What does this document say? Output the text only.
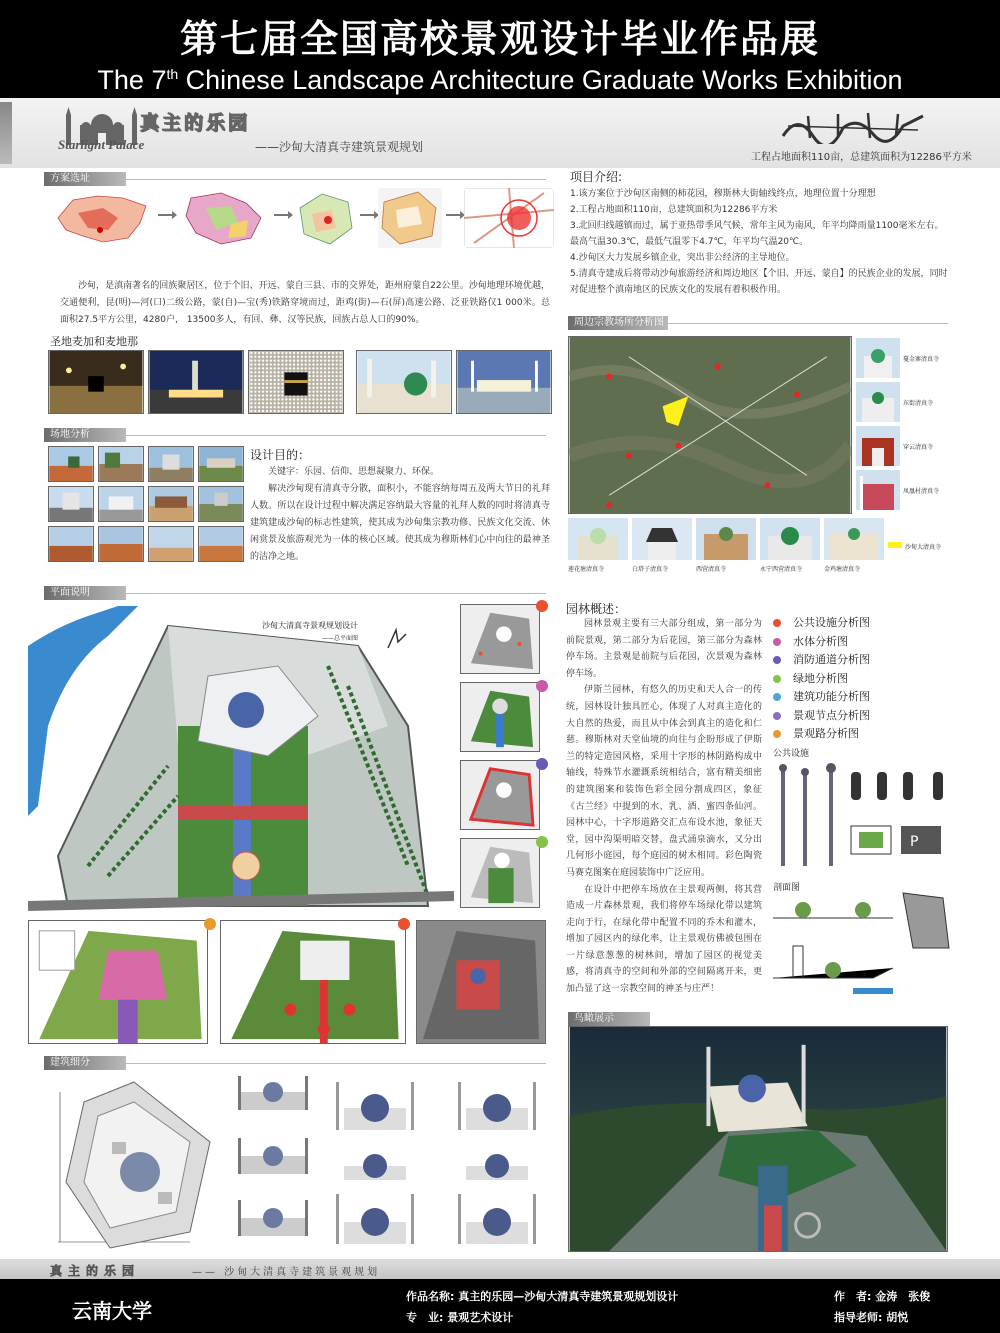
第七届全国高校景观设计毕业作品展
The 7th Chinese Landscape Architecture Graduate Works Exhibition
Starlight Palace
真主的乐园
——沙甸大清真寺建筑景观规划
工程占地面积110亩，总建筑面积为12286平方米
方案选址

沙甸，是滇南著名的回族聚居区，位于个旧、开远、蒙自三县、市的交界处，距州府蒙自22公里。沙甸地理环境优越，交通便利，昆(明)—河(口)二级公路，蒙(自)—宝(秀)铁路穿境而过，距鸡(街)—石(屏)高速公路、泛亚铁路仅1 000米。总面积27.5平方公里，4280户， 13500多人，有回、彝、汉等民族，回族占总人口的90%。

项目介绍:
1.该方案位于沙甸区南侧的柿花园，穆斯林大街轴线终点，地理位置十分理想
2.工程占地面积110亩，总建筑面积为12286平方米
3.北回归线越镇而过，属于亚热带季风气候，常年主风为南风，年平均降雨量1100毫米左右。最高气温30.3℃，最低气温零下4.7℃，年平均气温20℃。
4.沙甸区大力发展乡镇企业，突出非公经济的主导地位。
5.清真寺建成后将带动沙甸旅游经济和周边地区【个旧、开远、蒙自】的民族企业的发展，同时对促进整个滇南地区的民族文化的发展有着积极作用。
圣地麦加和麦地那
场地分析
设计目的：

关键字：乐园、信仰、思想凝聚力、环保。

解决沙甸现有清真寺分散，面积小，不能容纳每周五及两大节日的礼拜人数。所以在设计过程中解决满足容纳最大容量的礼拜人数的同时将清真寺建筑建成沙甸的标志性建筑，使其成为沙甸集宗教功修、民族文化交流、休闲赏景及旅游观光为一体的核心区域。使其成为穆斯林们心中向往的最神圣的洁净之地。

周边宗教场所分析图
蔓金寨清真寺
东街清真寺
穿云清真寺
凤凰村清真寺
莲花塘清真寺	白塔子清真寺	西营清真寺	永宁西营清真寺	金鸡塘清真寺
沙甸大清真寺
平面说明
沙甸大清真寺景观规划设计
——总平面图
园林概述：

园林景观主要有三大部分组成，第一部分为前院景观，第二部分为后花园，第三部分为森林停车场。主景观是前院与后花园，次景观为森林停车场。

伊斯兰园林，有悠久的历史和天人合一的传统，园林设计独具匠心，体现了人对真主造化的大自然的热爱，而且从中体会到真主的造化和仁慈。穆斯林对天堂仙境的向往与企盼形成了伊斯兰的特定造园风格，采用十字形的林阴路构成中轴线，特殊节水灌溉系统相结合，富有精美细密的建筑图案和装饰色彩全园分割成四区，象征《古兰经》中提到的水、乳、酒、蜜四条仙河。园林中心，十字形道路交汇点布设水池，象征天堂，园中沟渠明暗交替，盘式涌泉滴水，又分出几何形小庭园，每个庭园的树木相同。彩色陶瓷马赛克图案在庭园装饰中广泛应用。

在设计中把停车场放在主景观两侧，将其营造成一片森林景观，我们将停车场绿化带以建筑走向于行，在绿化带中配置不同的乔木和灌木，增加了园区内的绿化率，让主景观仿佛被包围在一片绿意葱葱的树林间，增加了园区的视觉美感，将清真寺的空间和外部的空间隔离开来，更加凸显了这一宗教空间的神圣与庄严！

公共设施分析图
水体分析图
消防通道分析图
绿地分析图
建筑功能分析图
景观节点分析图
景观路分析图
公共设施
P
剖面图
鸟瞰展示
建筑细分
真主的乐园	—— 沙甸大清真寺建筑景观规划
云南大学
作品名称: 真主的乐园—沙甸大清真寺建筑景观规划设计
专　业: 景观艺术设计
作　者: 金涛　张俊
指导老师: 胡悦
